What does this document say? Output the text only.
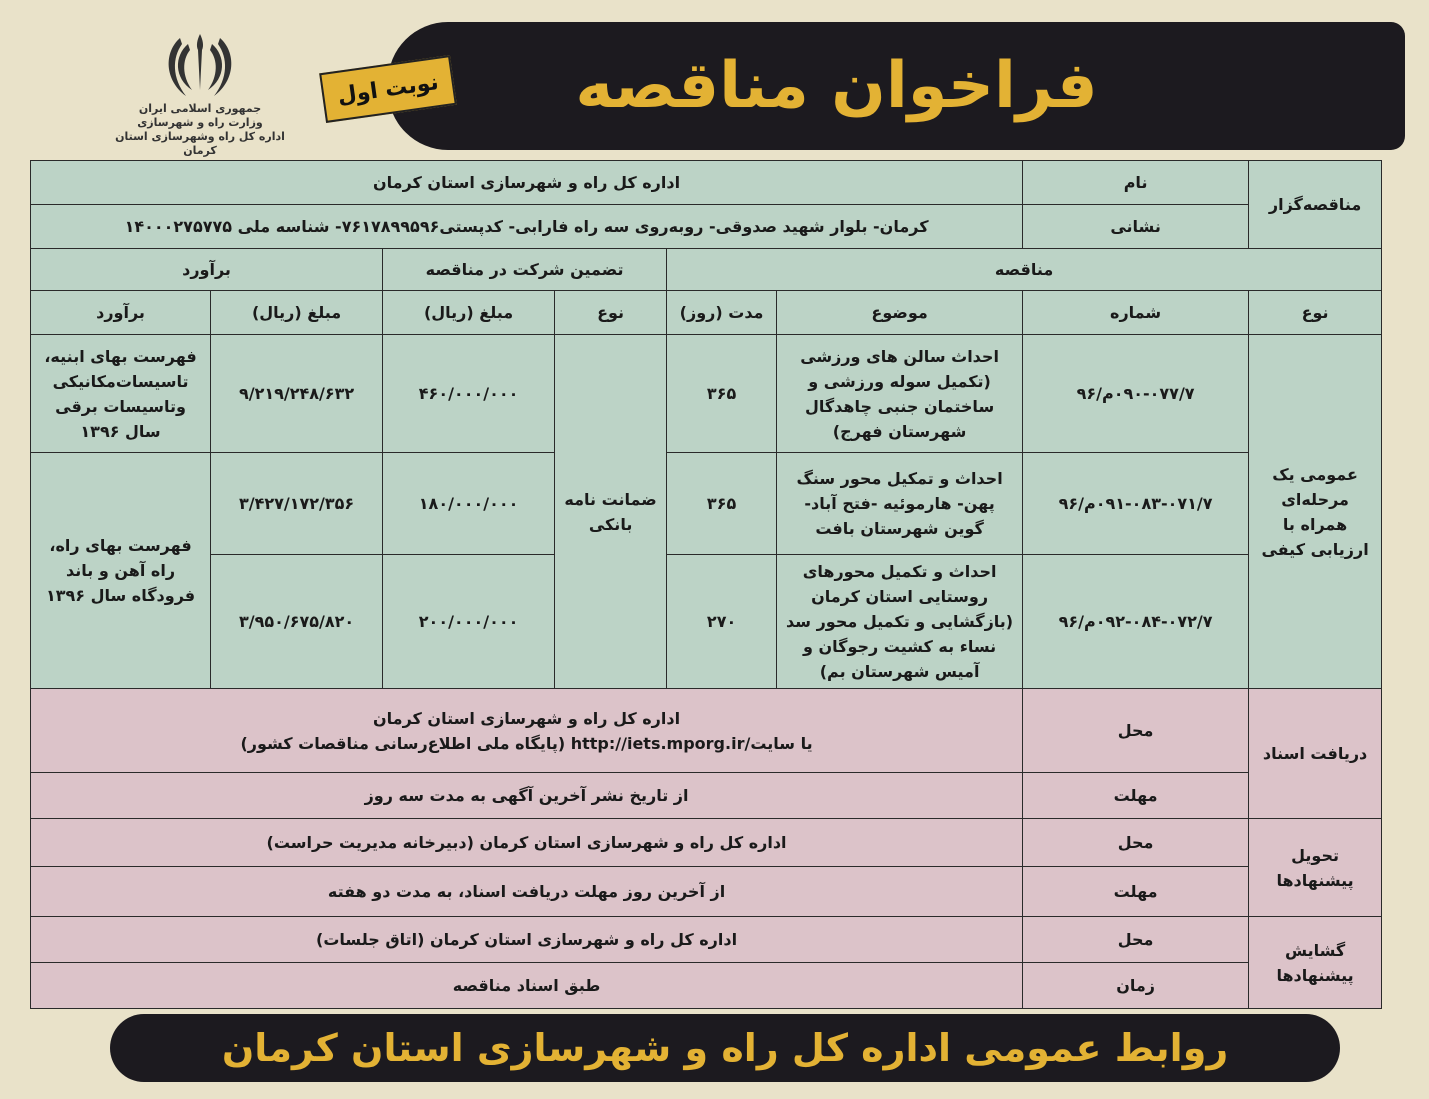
جمهوری اسلامی ایران
وزارت راه و شهرسازی
اداره کل راه وشهرسازی استان کرمان
فراخوان مناقصه
نوبت اول
مناقصه‌گزار	نام	اداره کل راه و شهرسازی استان کرمان					
	نشانی	کرمان- بلوار شهید صدوقی- روبه‌روی سه راه فارابی- کدپستی۷۶۱۷۸۹۹۵۹۶- شناسه ملی ۱۴۰۰۰۲۷۵۷۷۵					
مناقصه				تضمین شرکت در مناقصه		برآورد	
نوع	شماره	موضوع	مدت (روز)	نوع	مبلغ (ریال)	مبلغ (ریال)	برآورد
عمومی یک مرحله‌ای همراه با ارزیابی کیفی	۰۹۰-۰۷۷/۷م/۹۶	احداث سالن های ورزشی (تکمیل سوله ورزشی و ساختمان جنبی چاهدگال شهرستان فهرج)	۳۶۵	ضمانت نامه بانکی	۴۶۰/۰۰۰/۰۰۰	۹/۲۱۹/۲۴۸/۶۳۲	فهرست بهای ابنیه، تاسیسات‌مکانیکی وتاسیسات برقی سال ۱۳۹۶
	۰۹۱-۰۸۳-۰۷۱/۷م/۹۶	احداث و تمکیل محور سنگ پهن- هارموئیه -فتح آباد- گوین شهرستان بافت	۳۶۵		۱۸۰/۰۰۰/۰۰۰	۳/۴۲۷/۱۷۲/۳۵۶	فهرست بهای راه، راه آهن و باند فرودگاه سال ۱۳۹۶
	۰۹۲-۰۸۴-۰۷۲/۷م/۹۶	احداث و تکمیل محورهای روستایی استان کرمان (بازگشایی و تکمیل محور سد نساء به کشیت رجوگان و آمیس شهرستان بم)	۲۷۰		۲۰۰/۰۰۰/۰۰۰	۳/۹۵۰/۶۷۵/۸۲۰	
دریافت اسناد	محل	اداره کل راه و شهرسازی استان کرمان
یا سایت/http://iets.mporg.ir (پایگاه ملی اطلاع‌رسانی مناقصات کشور)					

	مهلت	از تاریخ نشر آخرین آگهی به مدت سه روز					
تحویل پیشنهادها	محل	اداره کل راه و شهرسازی استان کرمان (دبیرخانه مدیریت حراست)					
	مهلت	از آخرین روز مهلت دریافت اسناد، به مدت دو هفته					
گشایش پیشنهادها	محل	اداره کل راه و شهرسازی استان کرمان (اتاق جلسات)					
	زمان	طبق اسناد مناقصه					
روابط عمومی اداره کل راه و شهرسازی استان کرمان
